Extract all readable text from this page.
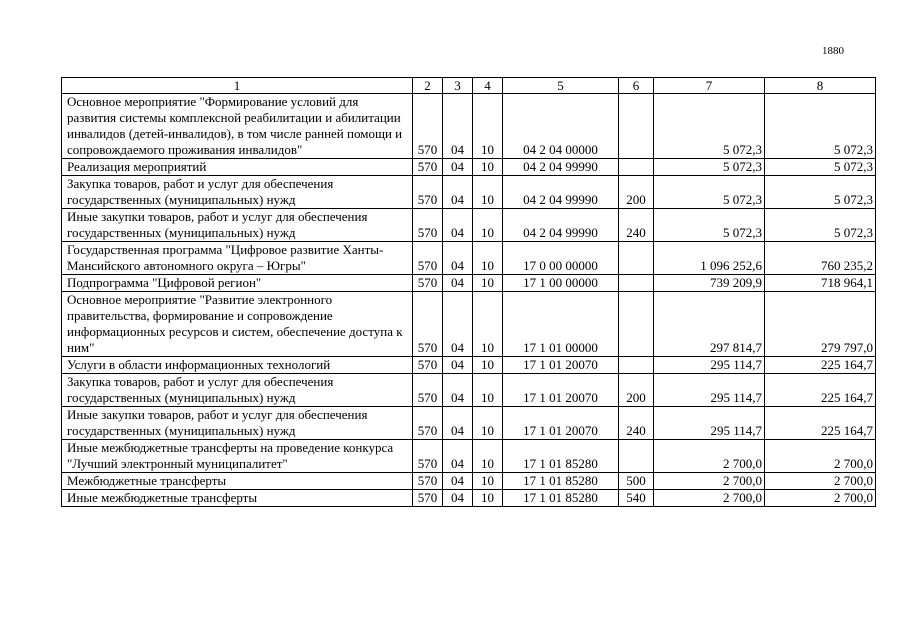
1880
1	2	3	4	5	6	7	8
Основное мероприятие "Формирование условий для развития системы комплексной реабилитации и абилитации инвалидов (детей-инвалидов), в том числе ранней помощи и сопровождаемого проживания инвалидов"	570	04	10	04 2 04 00000		5 072,3	5 072,3
Реализация мероприятий	570	04	10	04 2 04 99990		5 072,3	5 072,3
Закупка товаров, работ и услуг для обеспечения государственных (муниципальных) нужд	570	04	10	04 2 04 99990	200	5 072,3	5 072,3
Иные закупки товаров, работ и услуг для обеспечения государственных (муниципальных) нужд	570	04	10	04 2 04 99990	240	5 072,3	5 072,3
Государственная программа "Цифровое развитие Ханты-Мансийского автономного округа – Югры"	570	04	10	17 0 00 00000		1 096 252,6	760 235,2
Подпрограмма "Цифровой регион"	570	04	10	17 1 00 00000		739 209,9	718 964,1
Основное мероприятие "Развитие электронного правительства, формирование и сопровождение информационных ресурсов и систем, обеспечение доступа к ним"	570	04	10	17 1 01 00000		297 814,7	279 797,0
Услуги в области информационных технологий	570	04	10	17 1 01 20070		295 114,7	225 164,7
Закупка товаров, работ и услуг для обеспечения государственных (муниципальных) нужд	570	04	10	17 1 01 20070	200	295 114,7	225 164,7
Иные закупки товаров, работ и услуг для обеспечения государственных (муниципальных) нужд	570	04	10	17 1 01 20070	240	295 114,7	225 164,7
Иные межбюджетные трансферты на проведение конкурса "Лучший электронный муниципалитет"	570	04	10	17 1 01 85280		2 700,0	2 700,0
Межбюджетные трансферты	570	04	10	17 1 01 85280	500	2 700,0	2 700,0
Иные межбюджетные трансферты	570	04	10	17 1 01 85280	540	2 700,0	2 700,0
